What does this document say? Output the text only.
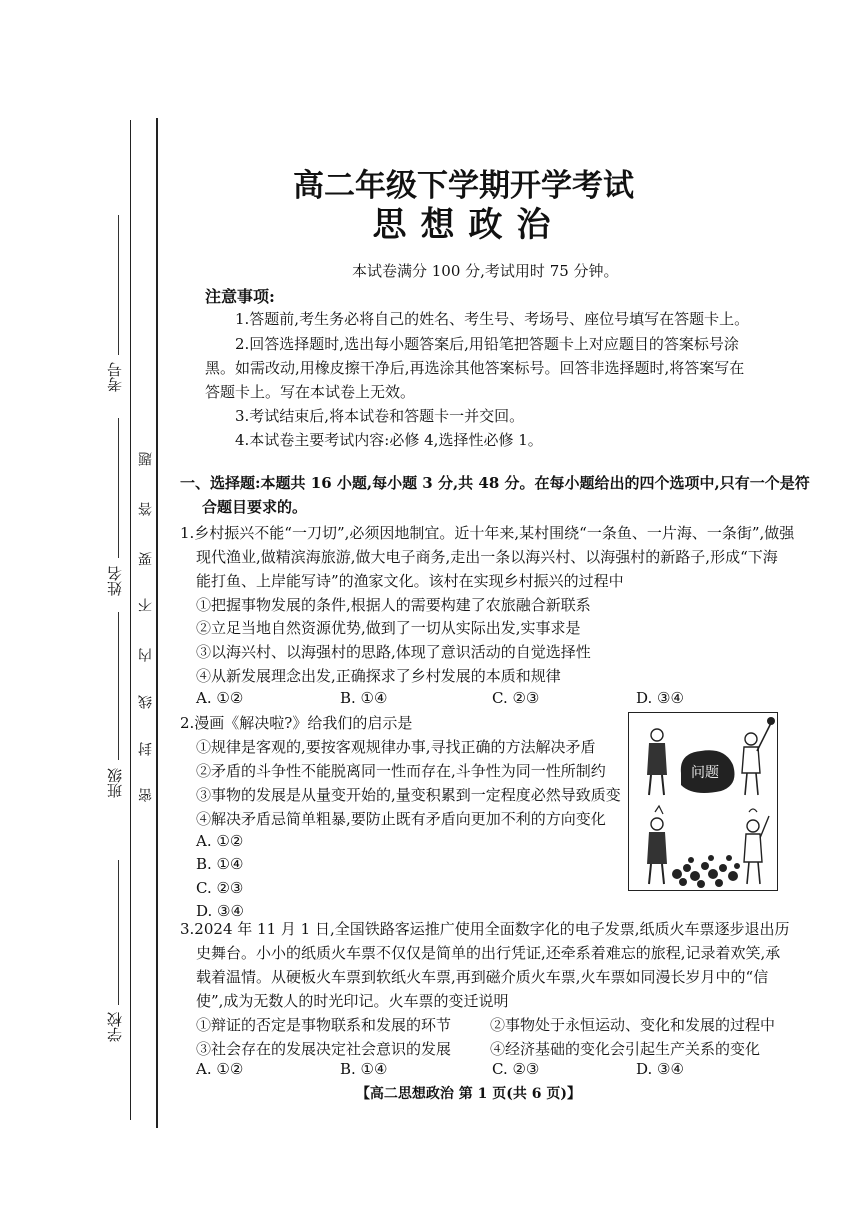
考号
姓名
班级
学校
题
答
要
不
内
线
封
密
高二年级下学期开学考试
思想政治
本试卷满分 100 分,考试用时 75 分钟。
注意事项:
1.答题前,考生务必将自己的姓名、考生号、考场号、座位号填写在答题卡上。
2.回答选择题时,选出每小题答案后,用铅笔把答题卡上对应题目的答案标号涂
黑。如需改动,用橡皮擦干净后,再选涂其他答案标号。回答非选择题时,将答案写在
答题卡上。写在本试卷上无效。
3.考试结束后,将本试卷和答题卡一并交回。
4.本试卷主要考试内容:必修 4,选择性必修 1。
一、选择题:本题共 16 小题,每小题 3 分,共 48 分。在每小题给出的四个选项中,只有一个是符
合题目要求的。
1.乡村振兴不能“一刀切”,必须因地制宜。近十年来,某村围绕“一条鱼、一片海、一条街”,做强
现代渔业,做精滨海旅游,做大电子商务,走出一条以海兴村、以海强村的新路子,形成“下海
能打鱼、上岸能写诗”的渔家文化。该村在实现乡村振兴的过程中
①把握事物发展的条件,根据人的需要构建了农旅融合新联系
②立足当地自然资源优势,做到了一切从实际出发,实事求是
③以海兴村、以海强村的思路,体现了意识活动的自觉选择性
④从新发展理念出发,正确探求了乡村发展的本质和规律
A. ①②	B. ①④	C. ②③	D. ③④
2.漫画《解决啦?》给我们的启示是
①规律是客观的,要按客观规律办事,寻找正确的方法解决矛盾
②矛盾的斗争性不能脱离同一性而存在,斗争性为同一性所制约
③事物的发展是从量变开始的,量变积累到一定程度必然导致质变
④解决矛盾忌简单粗暴,要防止既有矛盾向更加不利的方向变化
A. ①②
B. ①④
C. ②③
D. ③④
问题
3.2024 年 11 月 1 日,全国铁路客运推广使用全面数字化的电子发票,纸质火车票逐步退出历
史舞台。小小的纸质火车票不仅仅是简单的出行凭证,还牵系着难忘的旅程,记录着欢笑,承
载着温情。从硬板火车票到软纸火车票,再到磁介质火车票,火车票如同漫长岁月中的“信
使”,成为无数人的时光印记。火车票的变迁说明
①辩证的否定是事物联系和发展的环节	②事物处于永恒运动、变化和发展的过程中
③社会存在的发展决定社会意识的发展	④经济基础的变化会引起生产关系的变化
A. ①②	B. ①④	C. ②③	D. ③④
【高二思想政治 第 1 页(共 6 页)】
